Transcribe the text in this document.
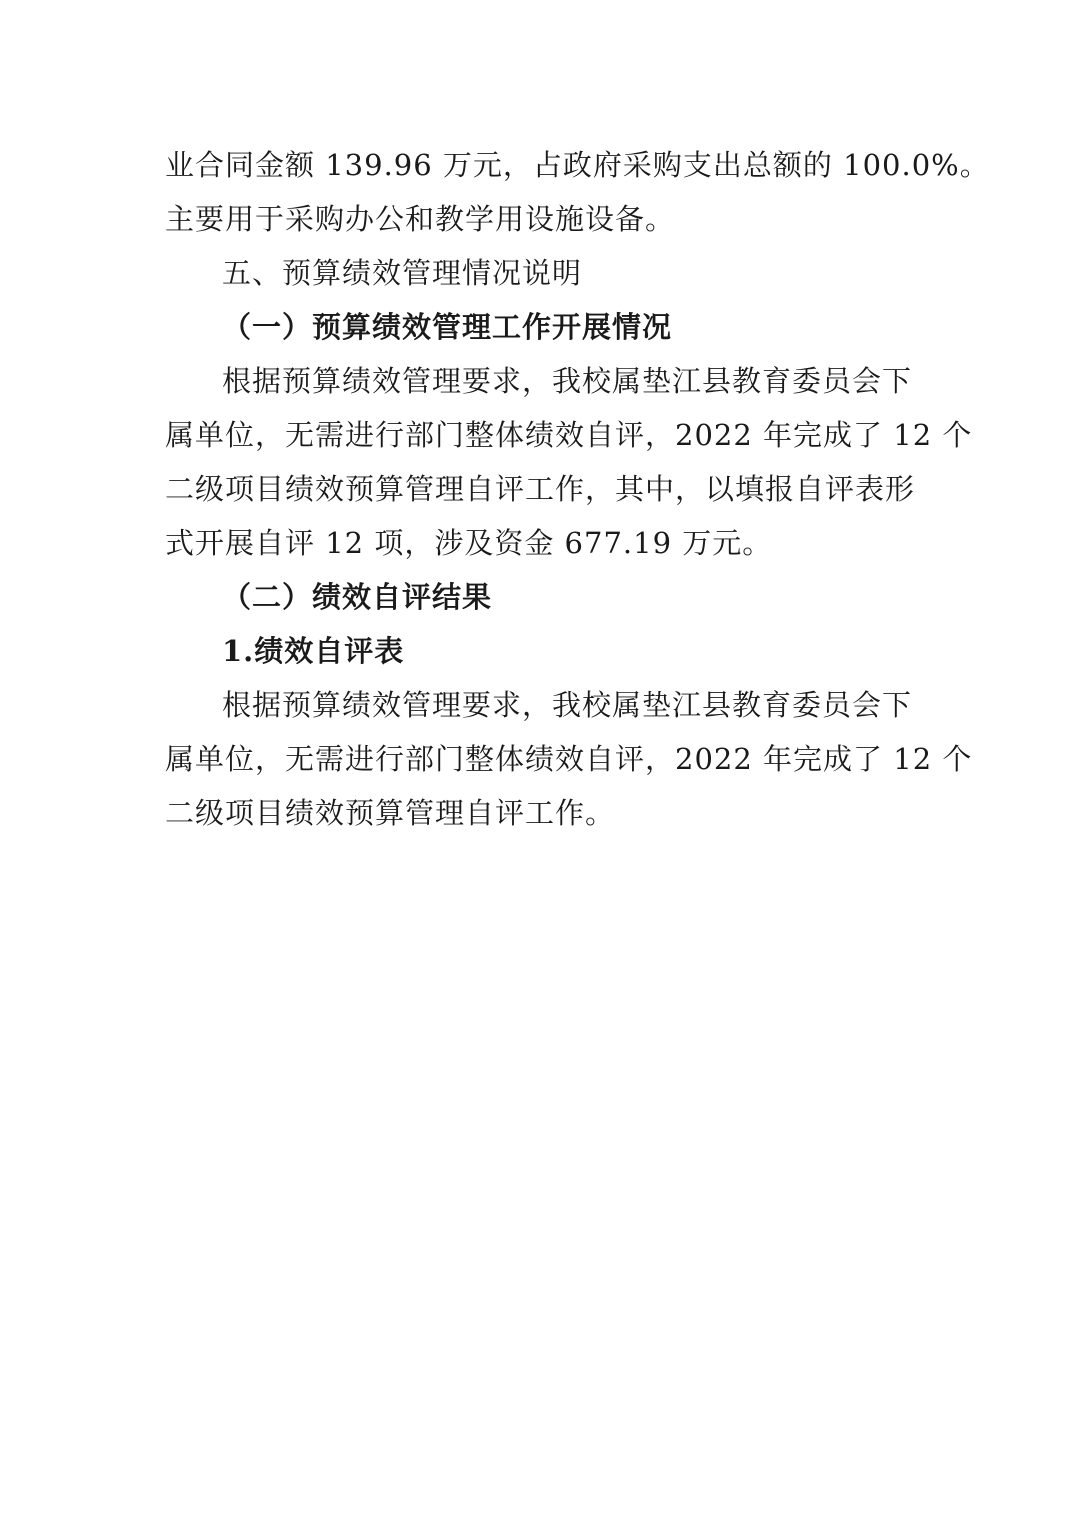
业合同金额 139.96 万元，占政府采购支出总额的 100.0%。
主要用于采购办公和教学用设施设备。
五、预算绩效管理情况说明
（一）预算绩效管理工作开展情况
根据预算绩效管理要求，我校属垫江县教育委员会下
属单位，无需进行部门整体绩效自评，2022 年完成了 12 个
二级项目绩效预算管理自评工作，其中，以填报自评表形
式开展自评 12 项，涉及资金 677.19 万元。
（二）绩效自评结果
1.绩效自评表
根据预算绩效管理要求，我校属垫江县教育委员会下
属单位，无需进行部门整体绩效自评，2022 年完成了 12 个
二级项目绩效预算管理自评工作。
